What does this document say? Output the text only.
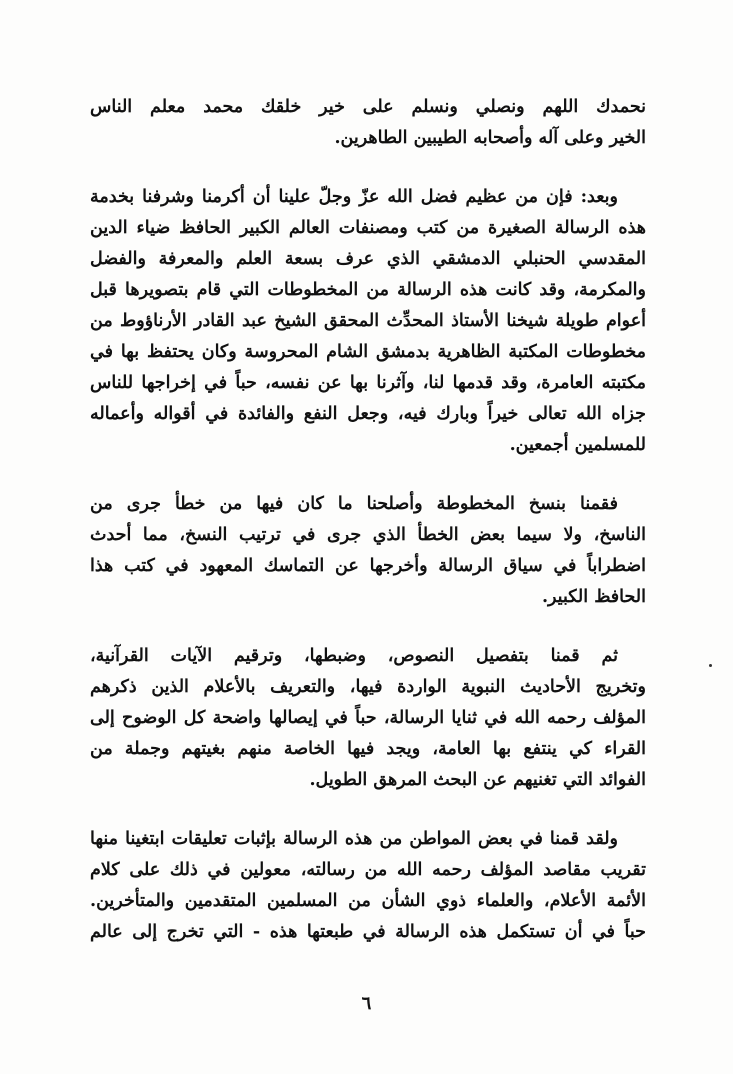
نحمدك اللهم ونصلي ونسلم على خير خلقك محمد معلم الناس
الخير وعلى آله وأصحابه الطيبين الطاهرين.

وبعد: فإن من عظيم فضل الله عزّ وجلّ علينا أن أكرمنا وشرفنا بخدمة
هذه الرسالة الصغيرة من كتب ومصنفات العالم الكبير الحافظ ضياء الدين
المقدسي الحنبلي الدمشقي الذي عرف بسعة العلم والمعرفة والفضل
والمكرمة، وقد كانت هذه الرسالة من المخطوطات التي قام بتصويرها قبل
أعوام طويلة شيخنا الأستاذ المحدِّث المحقق الشيخ عبد القادر الأرناؤوط من
مخطوطات المكتبة الظاهرية بدمشق الشام المحروسة وكان يحتفظ بها في
مكتبته العامرة، وقد قدمها لنا، وآثرنا بها عن نفسه، حباً في إخراجها للناس
جزاه الله تعالى خيراً وبارك فيه، وجعل النفع والفائدة في أقواله وأعماله
للمسلمين أجمعين.

فقمنا بنسخ المخطوطة وأصلحنا ما كان فيها من خطأ جرى من
الناسخ، ولا سيما بعض الخطأ الذي جرى في ترتيب النسخ، مما أحدث
اضطراباً في سياق الرسالة وأخرجها عن التماسك المعهود في كتب هذا
الحافظ الكبير.

ثم قمنا بتفصيل النصوص، وضبطها، وترقيم الآيات القرآنية،
وتخريج الأحاديث النبوية الواردة فيها، والتعريف بالأعلام الذين ذكرهم
المؤلف رحمه الله في ثنايا الرسالة، حباً في إيصالها واضحة كل الوضوح إلى
القراء كي ينتفع بها العامة، ويجد فيها الخاصة منهم بغيتهم وجملة من
الفوائد التي تغنيهم عن البحث المرهق الطويل.

ولقد قمنا في بعض المواطن من هذه الرسالة بإثبات تعليقات ابتغينا منها
تقريب مقاصد المؤلف رحمه الله من رسالته، معولين في ذلك على كلام
الأئمة الأعلام، والعلماء ذوي الشأن من المسلمين المتقدمين والمتأخرين.
حباً في أن تستكمل هذه الرسالة في طبعتها هذه - التي تخرج إلى عالم

٦
